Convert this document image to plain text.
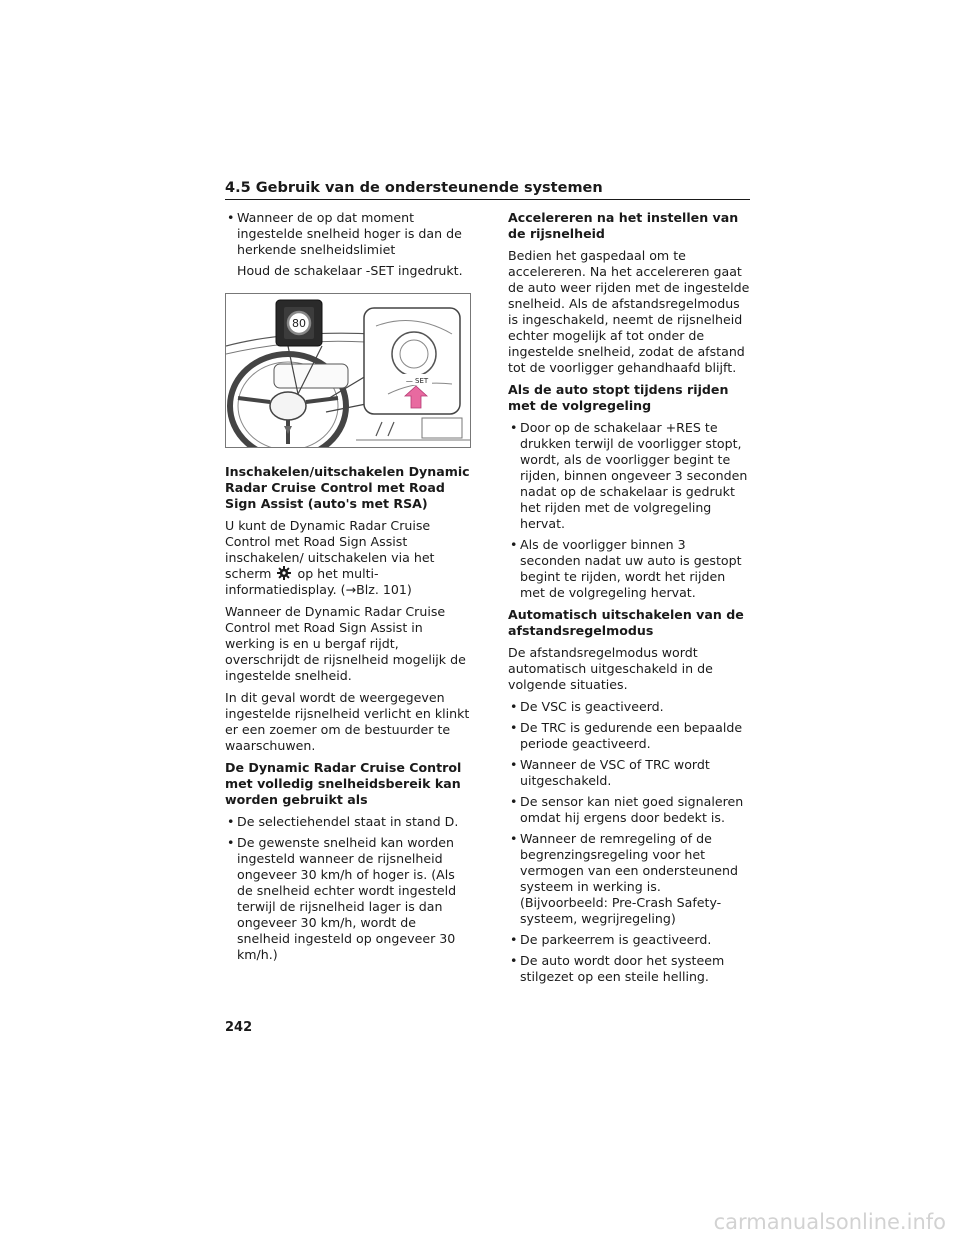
4.5 Gebruik van de ondersteunende systemen
• Wanneer de op dat moment ingestelde snelheid hoger is dan de herkende snelheidslimiet

Houd de schakelaar -SET ingedrukt.

80
— SET
Inschakelen/uitschakelen Dynamic Radar Cruise Control met Road Sign Assist (auto's met RSA)

U kunt de Dynamic Radar Cruise Control met Road Sign Assist inschakelen/ uitschakelen via het scherm op het multi-informatiedisplay. (→Blz. 101)

Wanneer de Dynamic Radar Cruise Control met Road Sign Assist in werking is en u bergaf rijdt, overschrijdt de rijsnelheid mogelijk de ingestelde snelheid.

In dit geval wordt de weergegeven ingestelde rijsnelheid verlicht en klinkt er een zoemer om de bestuurder te waarschuwen.

De Dynamic Radar Cruise Control met volledig snelheidsbereik kan worden gebruikt als
• De selectiehendel staat in stand D.
• De gewenste snelheid kan worden ingesteld wanneer de rijsnelheid ongeveer 30 km/h of hoger is. (Als de snelheid echter wordt ingesteld terwijl de rijsnelheid lager is dan ongeveer 30 km/h, wordt de snelheid ingesteld op ongeveer 30 km/h.)
Accelereren na het instellen van de rijsnelheid

Bedien het gaspedaal om te accelereren. Na het accelereren gaat de auto weer rijden met de ingestelde snelheid. Als de afstandsregelmodus is ingeschakeld, neemt de rijsnelheid echter mogelijk af tot onder de ingestelde snelheid, zodat de afstand tot de voorligger gehandhaafd blijft.

Als de auto stopt tijdens rijden met de volgregeling
• Door op de schakelaar +RES te drukken terwijl de voorligger stopt, wordt, als de voorligger begint te rijden, binnen ongeveer 3 seconden nadat op de schakelaar is gedrukt het rijden met de volgregeling hervat.
• Als de voorligger binnen 3 seconden nadat uw auto is gestopt begint te rijden, wordt het rijden met de volgregeling hervat.
Automatisch uitschakelen van de afstandsregelmodus

De afstandsregelmodus wordt automatisch uitgeschakeld in de volgende situaties.

• De VSC is geactiveerd.
• De TRC is gedurende een bepaalde periode geactiveerd.
• Wanneer de VSC of TRC wordt uitgeschakeld.
• De sensor kan niet goed signaleren omdat hij ergens door bedekt is.
• Wanneer de remregeling of de begrenzingsregeling voor het vermogen van een ondersteunend systeem in werking is. (Bijvoorbeeld: Pre-Crash Safety-systeem, wegrijregeling)
• De parkeerrem is geactiveerd.
• De auto wordt door het systeem stilgezet op een steile helling.
242
carmanualsonline.info
